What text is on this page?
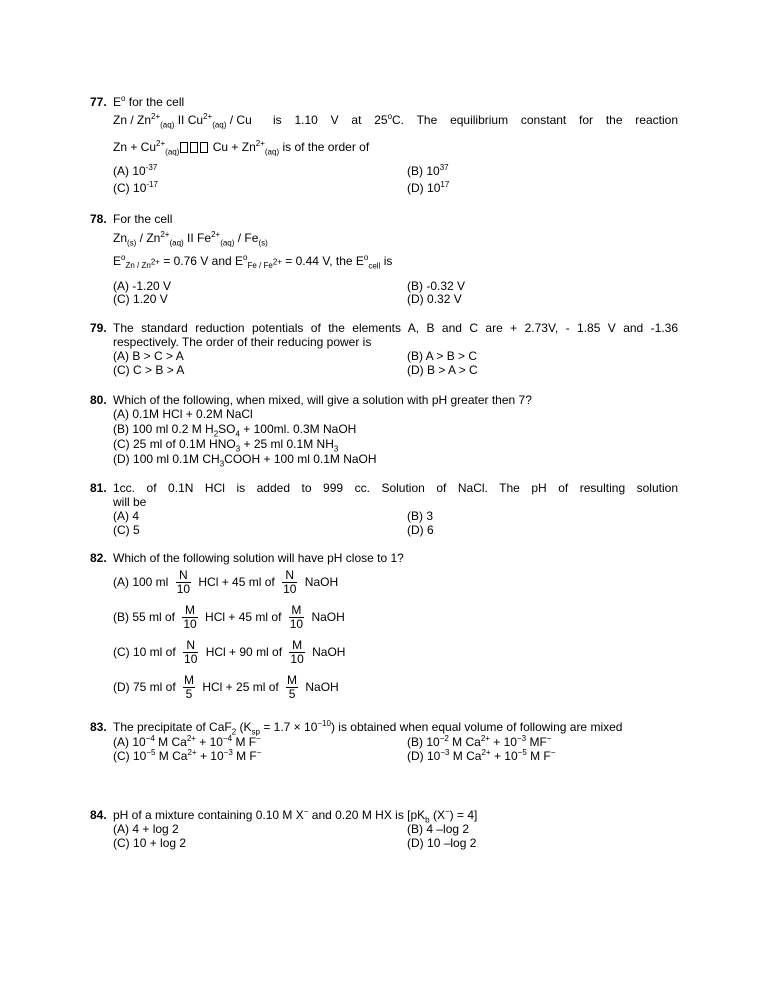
77. $E^o$ for the cell
Zn / $Zn^{2+}_{(aq)}$ II $Cu^{2+}_{(aq)}$ / Cu is 1.10 V at 25$^o$C. The equilibrium constant for the reaction
$Zn + Cu^{2+}_{(aq)}$	$Cu + Zn^{2+}_{(aq)}$ is of the order of
(A) $10^{-37}$	(B) $10^{37}$
(C) $10^{-17}$	(D) $10^{17}$
78. For the cell
$Zn_{(s)} / Zn^{2+}_{(aq)}$ II $Fe^{2+}_{(aq)} / Fe_{(s)}$
$E^o_{Zn / Zn^{2+}} = 0.76$ V and $E^o_{Fe / Fe^{2+}} = 0.44$ V, the $E^o_{cell}$ is
(A) -1.20 V	(B) -0.32 V
(C) 1.20 V	(D) 0.32 V
79. The standard reduction potentials of the elements A, B and C are + 2.73V, - 1.85 V and -1.36
respectively. The order of their reducing power is
(A) B > C > A	(B) A > B > C
(C) C > B > A	(D) B > A > C
80. Which of the following, when mixed, will give a solution with pH greater then 7?
(A) 0.1M HCl + 0.2M NaCl
(B) 100 ml 0.2 M $H_2SO_4 + 100ml$. 0.3M NaOH
(C) 25 ml of 0.1M $HNO_3 + 25$ ml 0.1M $NH_3$
(D) 100 ml 0.1M $CH_3COOH + 100$ ml 0.1M NaOH
81. 1cc. of 0.1N HCl is added to 999 cc. Solution of NaCl. The pH of resulting solution
will be
(A) 4	(B) 3
(C) 5	(D) 6
82. Which of the following solution will have pH close to 1?
(A) 100 ml $\frac{N}{10}$ HCl + 45 ml of $\frac{N}{10}$ NaOH
(B) 55 ml of $\frac{M}{10}$ HCl + 45 ml of $\frac{M}{10}$ NaOH
(C) 10 ml of $\frac{N}{10}$ HCl + 90 ml of $\frac{M}{10}$ NaOH
(D) 75 ml of $\frac{M}{5}$ HCl + 25 ml of $\frac{M}{5}$ NaOH
83. The precipitate of CaF$_2$ $(K_{sp} = 1.7 \times 10^{-10})$ is obtained when equal volume of following are mixed
(A) $10^{-4}$ M $Ca^{2+} + 10^{-4}$ M F−	(B) $10^{-2}$ M $Ca^{2+} + 10^{-3}$ MF−
(C) $10^{-5}$ M $Ca^{2+} + 10^{-3}$ M F−	(D) $10^{-3}$ M $Ca^{2+} + 10^{-5}$ M F−
84. pH of a mixture containing 0.10 M X− and 0.20 M HX is [$pK_b$ (X−) = 4]
(A) 4 + log 2	(B) 4 –log 2
(C) 10 + log 2	(D) 10 –log 2
